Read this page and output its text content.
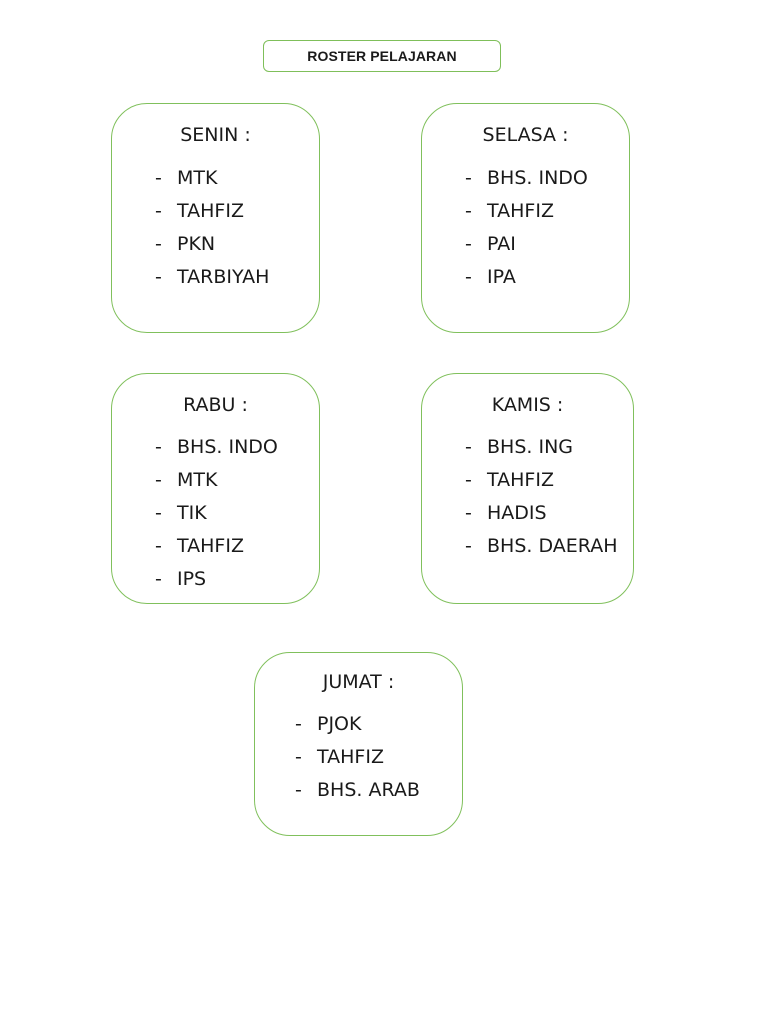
ROSTER PELAJARAN
SENIN :
- MTK
- TAHFIZ
- PKN
- TARBIYAH
SELASA :
- BHS. INDO
- TAHFIZ
- PAI
- IPA
RABU :
- BHS. INDO
- MTK
- TIK
- TAHFIZ
- IPS
KAMIS :
- BHS. ING
- TAHFIZ
- HADIS
- BHS. DAERAH
JUMAT :
- PJOK
- TAHFIZ
- BHS. ARAB
